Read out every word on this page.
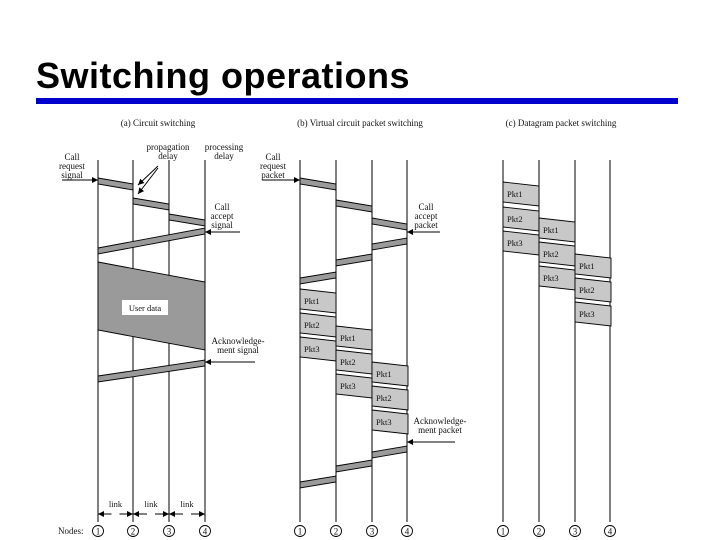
Switching operations
(a) Circuit switching
Call
request
signal
propagation
delay
processing
delay
Call
accept
signal
User data
Acknowledge-
ment signal
(b) Virtual circuit packet switching
Call
request
packet
Call
accept
packet
Pkt1
Pkt2
Pkt3
Pkt1
Pkt2
Pkt3
Pkt1
Pkt2
Pkt3 Acknowledge-
ment packet
(c) Datagram packet switching
Pkt1
Pkt2
Pkt3
Pkt1
Pkt2
Pkt3
Pkt1
Pkt2
Pkt3
link	link	link
Nodes: 1	2	3	4	1	2	3	4	1	2	3	4
